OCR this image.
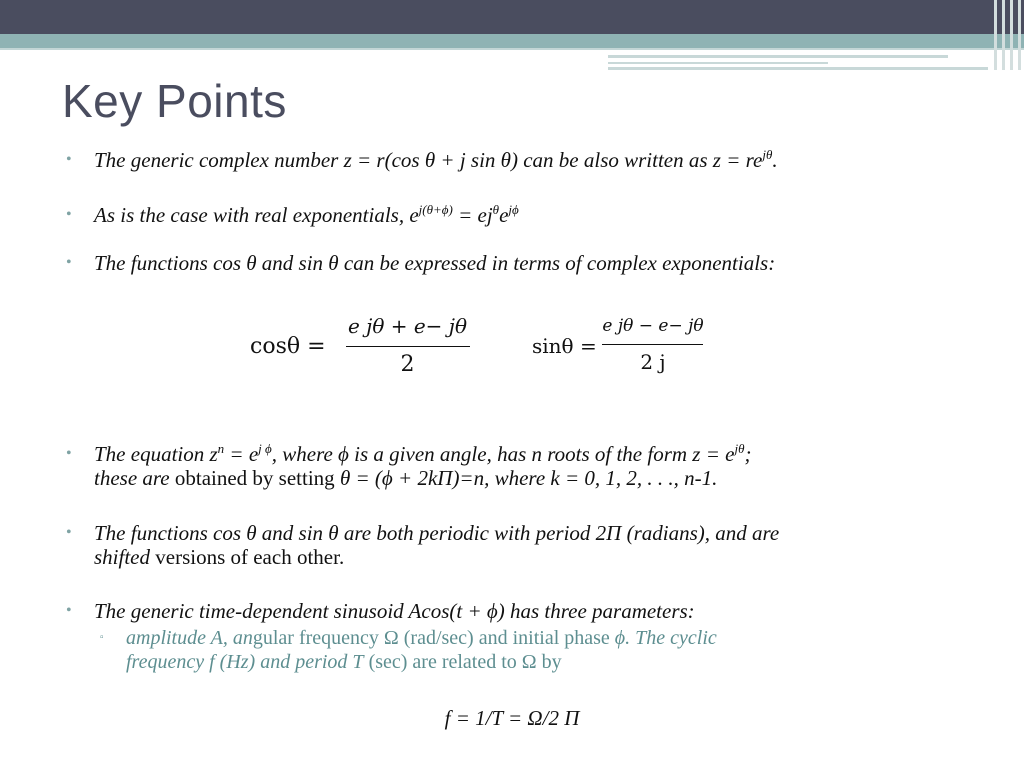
Key Points
• The generic complex number z = r(cos θ + j sin θ) can be also written as $z = re^{j\theta}$.
• As is the case with real exponentials, $e^{j(\theta+\phi)} = ej^\theta e^{j\phi}$
• The functions cos θ and sin θ can be expressed in terms of complex exponentials:
cosθ =
e jθ + e− jθ
2
sinθ =
e jθ − e− jθ
2 j
• The equation $z^n = e^{j \phi}$, where ϕ is a given angle, has n roots of the form $z = e^{j\theta}$;
these are obtained by setting θ = (ϕ + 2kΠ)=n, where k = 0, 1, 2, . . ., n-1.
• The functions cos θ and sin θ are both periodic with period 2Π (radians), and are
shifted versions of each other.
• The generic time-dependent sinusoid Acos(t + ϕ) has three parameters:
▫ amplitude A, angular frequency Ω (rad/sec) and initial phase ϕ. The cyclic
frequency f (Hz) and period T (sec) are related to Ω by
f = 1/T = Ω/2 Π
